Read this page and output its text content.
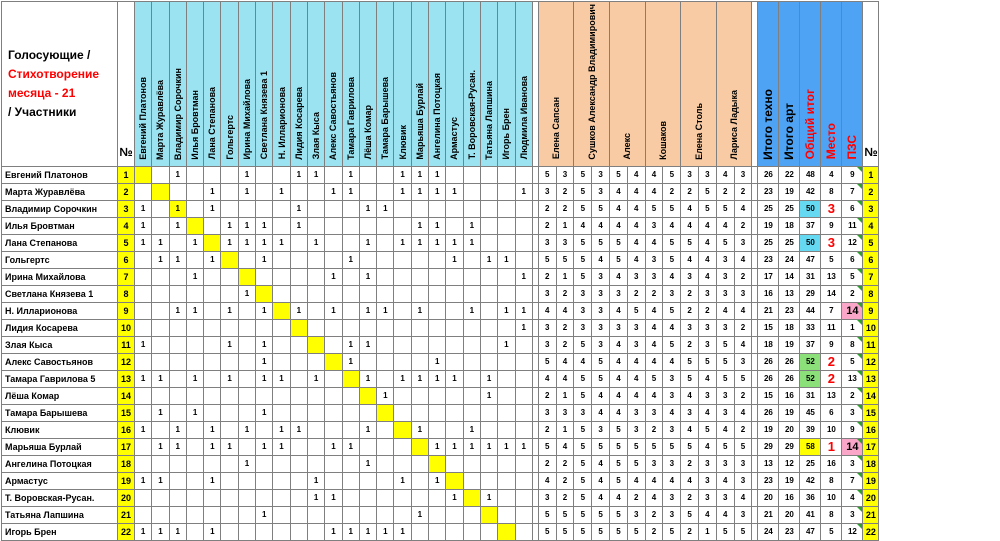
Голосующие /
Стихотворение
месяца - 21
/ Участники	№	Евгений Платонов	Марта Журавлёва	Владимир Сорочкин	Илья Бровтман	Лана Степанова	Гольгертс	Ирина Михайлова	Светлана Князева 1	Н. Илларионова	Лидия Косарева	Злая Кыса	Алекс Савостьянов	Тамара Гаврилова	Лёша Комар	Тамара Барышева	Клювик	Марьяша Бурлай	Ангелина Потоцкая	Армастус	Т. Воровская-Русан.	Татьяна Лапшина	Игорь Брен	Людмила Иванова		Елена Сапсан		Сушков Александр Владимирович		Алекс		Кошаков		Елена Столь		Лариса Ладыка			Итого техно	Итого арт	Общий итог	Место	ПЗС	№
Евгений Платонов	1			1				1			1	1		1			1	1	1							5	3	5	3	5	4	4	5	3	3	4	3		26	22	48	4	9	1
Марта Журавлёва	2					1		1		1			1	1			1	1	1	1				1		3	2	5	3	4	4	4	2	2	5	2	2		23	19	42	8	7	2
Владимир Сорочкин	3	1		1		1					1				1	1										2	2	5	5	4	4	5	5	4	5	5	4		25	25	50	3	6	3
Илья Бровтман	4	1		1			1	1	1		1							1	1		1					2	1	4	4	4	4	3	4	4	4	4	2		19	18	37	9	11	4
Лана Степанова	5	1	1		1		1	1	1	1		1			1		1	1	1	1	1					3	3	5	5	5	4	4	5	5	4	5	3		25	25	50	3	12	5
Гольгертс	6		1	1		1			1					1						1		1	1			5	5	5	4	5	4	3	5	4	4	3	4		23	24	47	5	6	6
Ирина Михайлова	7				1								1		1									1		2	1	5	3	4	3	3	4	3	4	3	2		17	14	31	13	5	7
Светлана Князева 1	8							1																		3	2	3	3	3	2	2	3	2	3	3	3		16	13	29	14	2	8
Н. Илларионова	9			1	1		1		1		1		1		1	1		1			1		1	1		4	4	3	3	4	5	4	5	2	2	4	4		21	23	44	7	14	9
Лидия Косарева	10																							1		3	2	3	3	3	3	4	4	3	3	3	2		15	18	33	11	1	10
Злая Кыса	11	1					1		1					1	1								1			3	2	5	3	4	3	4	5	2	3	5	4		18	19	37	9	8	11
Алекс Савостьянов	12								1					1					1							5	4	4	5	4	4	4	4	5	5	5	3		26	26	52	2	5	12
Тамара Гаврилова 5	13	1	1		1		1		1	1		1			1		1	1	1	1		1				4	4	5	5	4	4	5	3	5	4	5	5		26	26	52	2	13	13
Лёша Комар	14															1						1				2	1	5	4	4	4	4	3	4	3	3	2		15	16	31	13	2	14
Тамара Барышева	15		1		1				1																	3	3	3	4	4	3	3	4	3	4	3	4		26	19	45	6	3	15
Клювик	16	1		1		1		1		1	1				1			1			1					2	1	5	3	5	3	2	3	4	5	4	2		19	20	39	10	9	16
Марьяша Бурлай	17		1	1		1	1		1	1			1	1					1	1	1	1	1	1		5	4	5	5	5	5	5	5	5	4	5	5		29	29	58	1	14	17
Ангелина Потоцкая	18							1							1											2	2	5	4	5	5	3	3	2	3	3	3		13	12	25	16	3	18
Армастус	19	1	1			1						1					1		1							4	2	5	4	5	4	4	4	4	3	4	3		23	19	42	8	7	19
Т. Воровская-Русан.	20											1	1							1		1				3	2	5	4	4	2	4	3	2	3	3	4		20	16	36	10	4	20
Татьяна Лапшина	21								1									1								5	5	5	5	5	3	2	3	5	4	4	3		21	20	41	8	3	21
Игорь Брен	22	1	1	1		1							1	1	1	1	1									5	5	5	5	5	5	2	5	2	1	5	5		24	23	47	5	12	22
